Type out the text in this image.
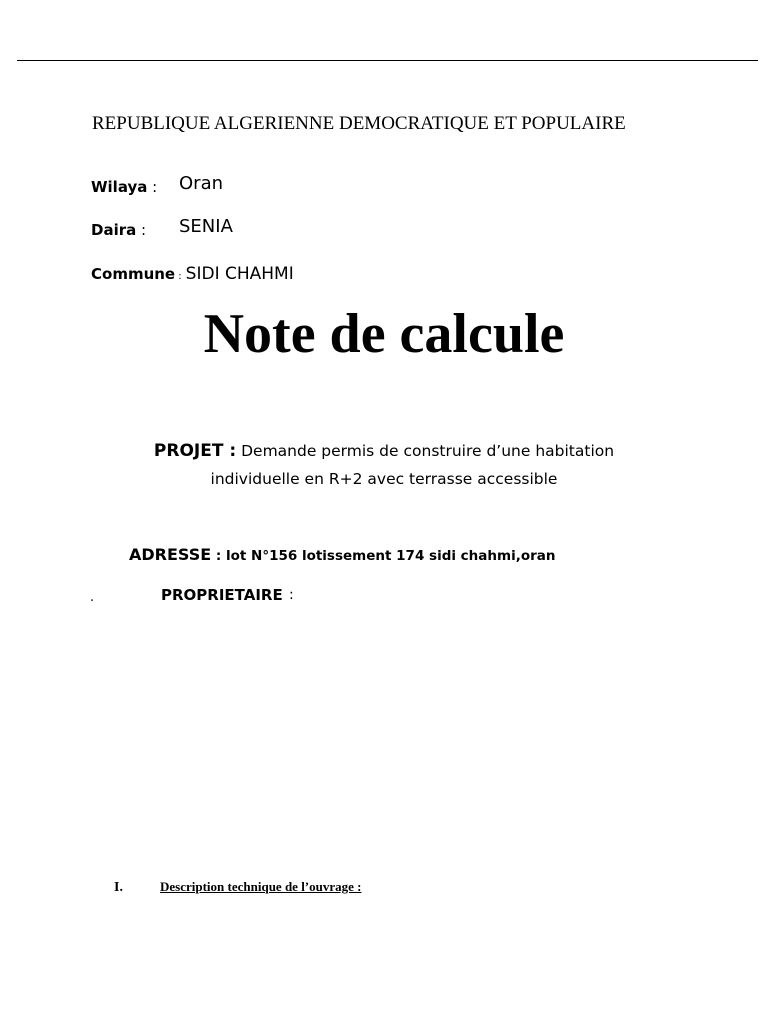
REPUBLIQUE ALGERIENNE DEMOCRATIQUE ET POPULAIRE
Wilaya : Oran
Daira : SENIA
Commune : SIDI CHAHMI
Note de calcule
PROJET : Demande permis de construire d’une habitation
individuelle en R+2 avec terrasse accessible
ADRESSE : lot N°156 lotissement 174 sidi chahmi,oran
.	PROPRIETAIRE :
I.	Description technique de l’ouvrage :
